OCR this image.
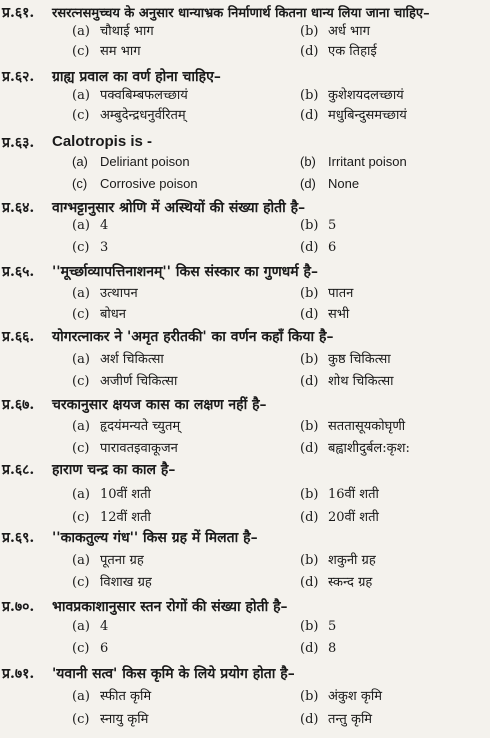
प्र.६१. रसरत्नसमुच्चय के अनुसार धान्याभ्रक निर्माणार्थ कितना धान्य लिया जाना चाहिए–
(a) चौथाई भाग	(b) अर्ध भाग
(c) सम भाग	(d) एक तिहाई
प्र.६२. ग्राह्य प्रवाल का वर्ण होना चाहिए–
(a) पक्वबिम्बफलच्छायं	(b) कुशेशयदलच्छायं
(c) अम्बुदेन्द्रधनुर्वरितम्	(d) मधुबिन्दुसमच्छायं
प्र.६३. Calotropis is -
(a) Deliriant poison	(b) Irritant poison
(c) Corrosive poison	(d) None
प्र.६४. वाग्भट्टानुसार श्रोणि में अस्थियों की संख्या होती है–
(a) 4	(b) 5
(c) 3	(d) 6
प्र.६५. ''मूर्च्छाव्यापत्तिनाशनम्'' किस संस्कार का गुणधर्म है–
(a) उत्थापन	(b) पातन
(c) बोधन	(d) सभी
प्र.६६. योगरत्नाकर ने 'अमृत हरीतकी' का वर्णन कहाँ किया है–
(a) अर्श चिकित्सा	(b) कुष्ठ चिकित्सा
(c) अजीर्ण चिकित्सा	(d) शोथ चिकित्सा
प्र.६७. चरकानुसार क्षयज कास का लक्षण नहीं है–
(a) हृदयंमन्यते च्युतम्	(b) सततासूयकोघृणी
(c) पारावतइवाकूजन	(d) बह्वाशीदुर्बल:कृश:
प्र.६८. हाराण चन्द्र का काल है–
(a) 10वीं शती	(b) 16वीं शती
(c) 12वीं शती	(d) 20वीं शती
प्र.६९. ''काकतुल्य गंध'' किस ग्रह में मिलता है–
(a) पूतना ग्रह	(b) शकुनी ग्रह
(c) विशाख ग्रह	(d) स्कन्द ग्रह
प्र.७०. भावप्रकाशानुसार स्तन रोगों की संख्या होती है–
(a) 4	(b) 5
(c) 6	(d) 8
प्र.७१. 'यवानी सत्व' किस कृमि के लिये प्रयोग होता है–
(a) स्फीत कृमि	(b) अंकुश कृमि
(c) स्नायु कृमि	(d) तन्तु कृमि
